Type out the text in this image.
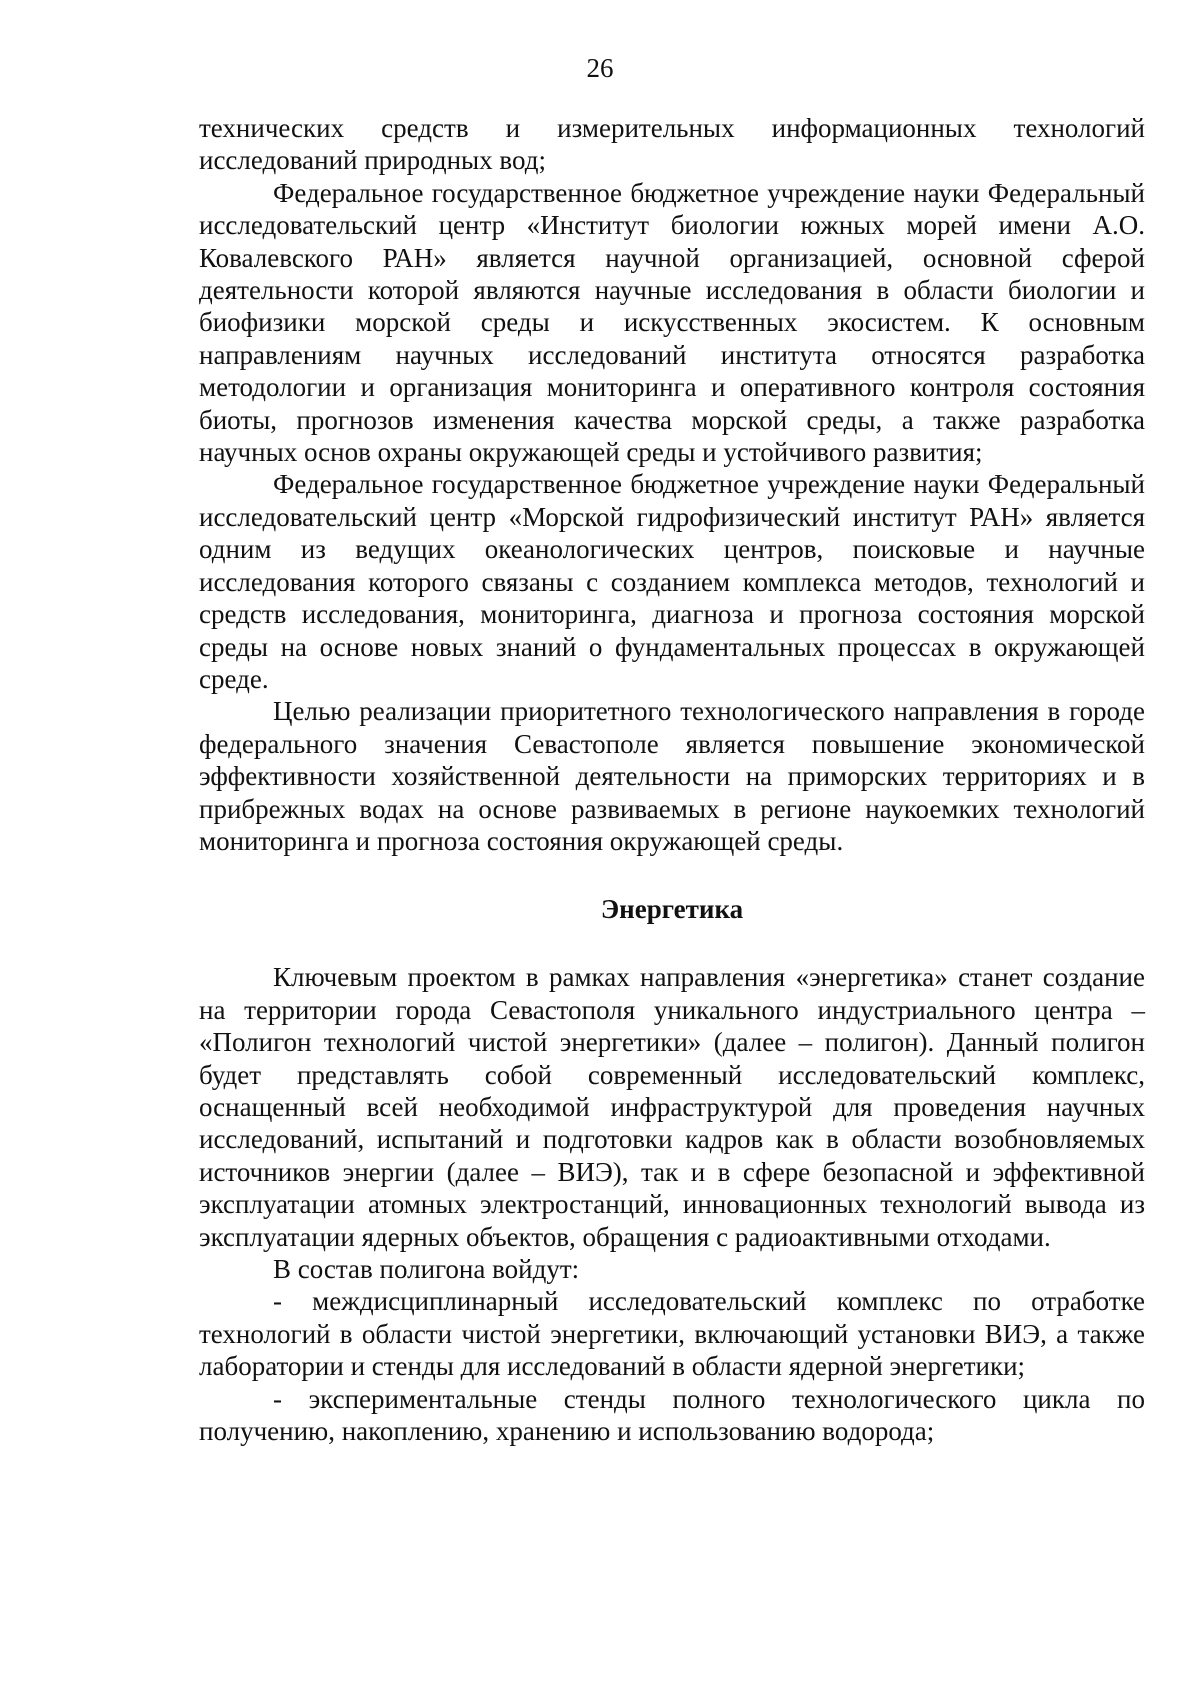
26

технических средств и измерительных информационных технологий исследований природных вод;

Федеральное государственное бюджетное учреждение науки Федеральный исследовательский центр «Институт биологии южных морей имени А.О. Ковалевского РАН» является научной организацией, основной сферой деятельности которой являются научные исследования в области биологии и биофизики морской среды и искусственных экосистем. К основным направлениям научных исследований института относятся разработка методологии и организация мониторинга и оперативного контроля состояния биоты, прогнозов изменения качества морской среды, а также разработка научных основ охраны окружающей среды и устойчивого развития;

Федеральное государственное бюджетное учреждение науки Федеральный исследовательский центр «Морской гидрофизический институт РАН» является одним из ведущих океанологических центров, поисковые и научные исследования которого связаны с созданием комплекса методов, технологий и средств исследования, мониторинга, диагноза и прогноза состояния морской среды на основе новых знаний о фундаментальных процессах в окружающей среде.

Целью реализации приоритетного технологического направления в городе федерального значения Севастополе является повышение экономической эффективности хозяйственной деятельности на приморских территориях и в прибрежных водах на основе развиваемых в регионе наукоемких технологий мониторинга и прогноза состояния окружающей среды.

Энергетика

Ключевым проектом в рамках направления «энергетика» станет создание на территории города Севастополя уникального индустриального центра – «Полигон технологий чистой энергетики» (далее – полигон). Данный полигон будет представлять собой современный исследовательский комплекс, оснащенный всей необходимой инфраструктурой для проведения научных исследований, испытаний и подготовки кадров как в области возобновляемых источников энергии (далее – ВИЭ), так и в сфере безопасной и эффективной эксплуатации атомных электростанций, инновационных технологий вывода из эксплуатации ядерных объектов, обращения с радиоактивными отходами.

В состав полигона войдут:

- междисциплинарный исследовательский комплекс по отработке технологий в области чистой энергетики, включающий установки ВИЭ, а также лаборатории и стенды для исследований в области ядерной энергетики;

- экспериментальные стенды полного технологического цикла по получению, накоплению, хранению и использованию водорода;
